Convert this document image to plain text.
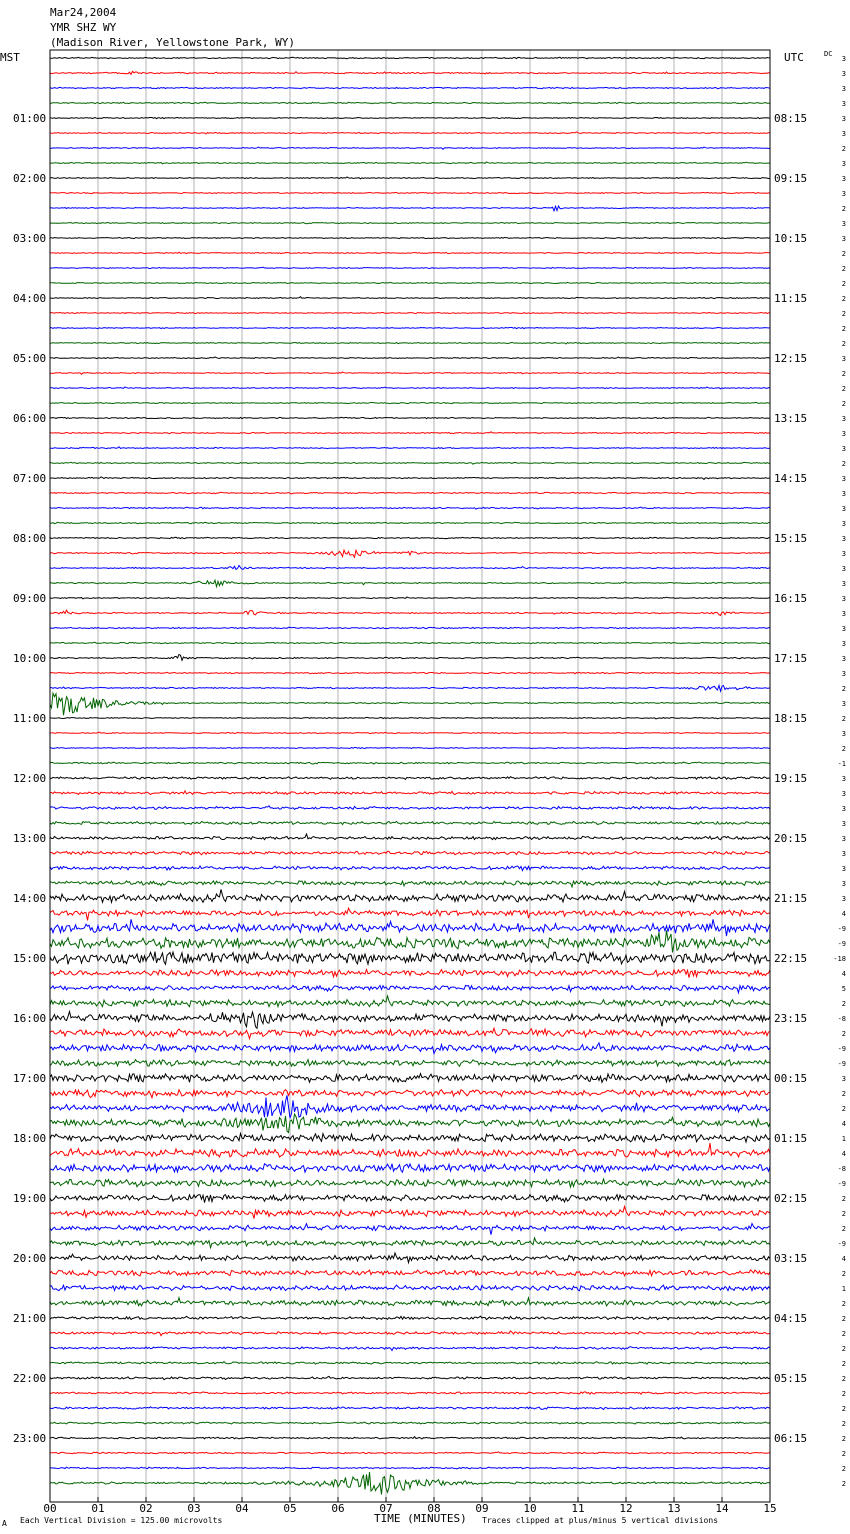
Mar24,2004
YMR SHZ WY
(Madison River, Yellowstone Park, WY)
MST	UTC	DC
01:00
02:00
03:00
04:00
05:00
06:00
07:00
08:00
09:00
10:00
11:00
12:00
13:00
14:00
15:00
16:00
17:00
18:00
19:00
20:00
21:00
22:00
23:00
08:15
09:15
10:15
11:15
12:15
13:15
14:15
15:15
16:15
17:15
18:15
19:15
20:15
21:15
22:15
23:15
00:15
01:15
02:15
03:15
04:15
05:15
06:15
3
3
3
3
3
3
2
3
3
3
2
3
3
2
2
2
2
2
2
2
3
2
2
2
3
3
3
2
3
3
3
3
3
3
3
3
3
3
3
3
3
3
2
3
2
3
2
-1
3
3
3
3
3
3
3
3
3
4
-9
-9
-18
4
5
2
-8
2
-9
-9
3
2
2
4
1
4
-8
-9
2
2
2
-9
4
2
1
2
2
2
2
2
2
2
2
2
2
2
2
2
00	01	02	03	04	05	06	07	08	09	10	11	12	13	14	15
TIME (MINUTES)
Each Vertical Division = 125.00 microvolts	Traces clipped at plus/minus 5 vertical divisions
A
